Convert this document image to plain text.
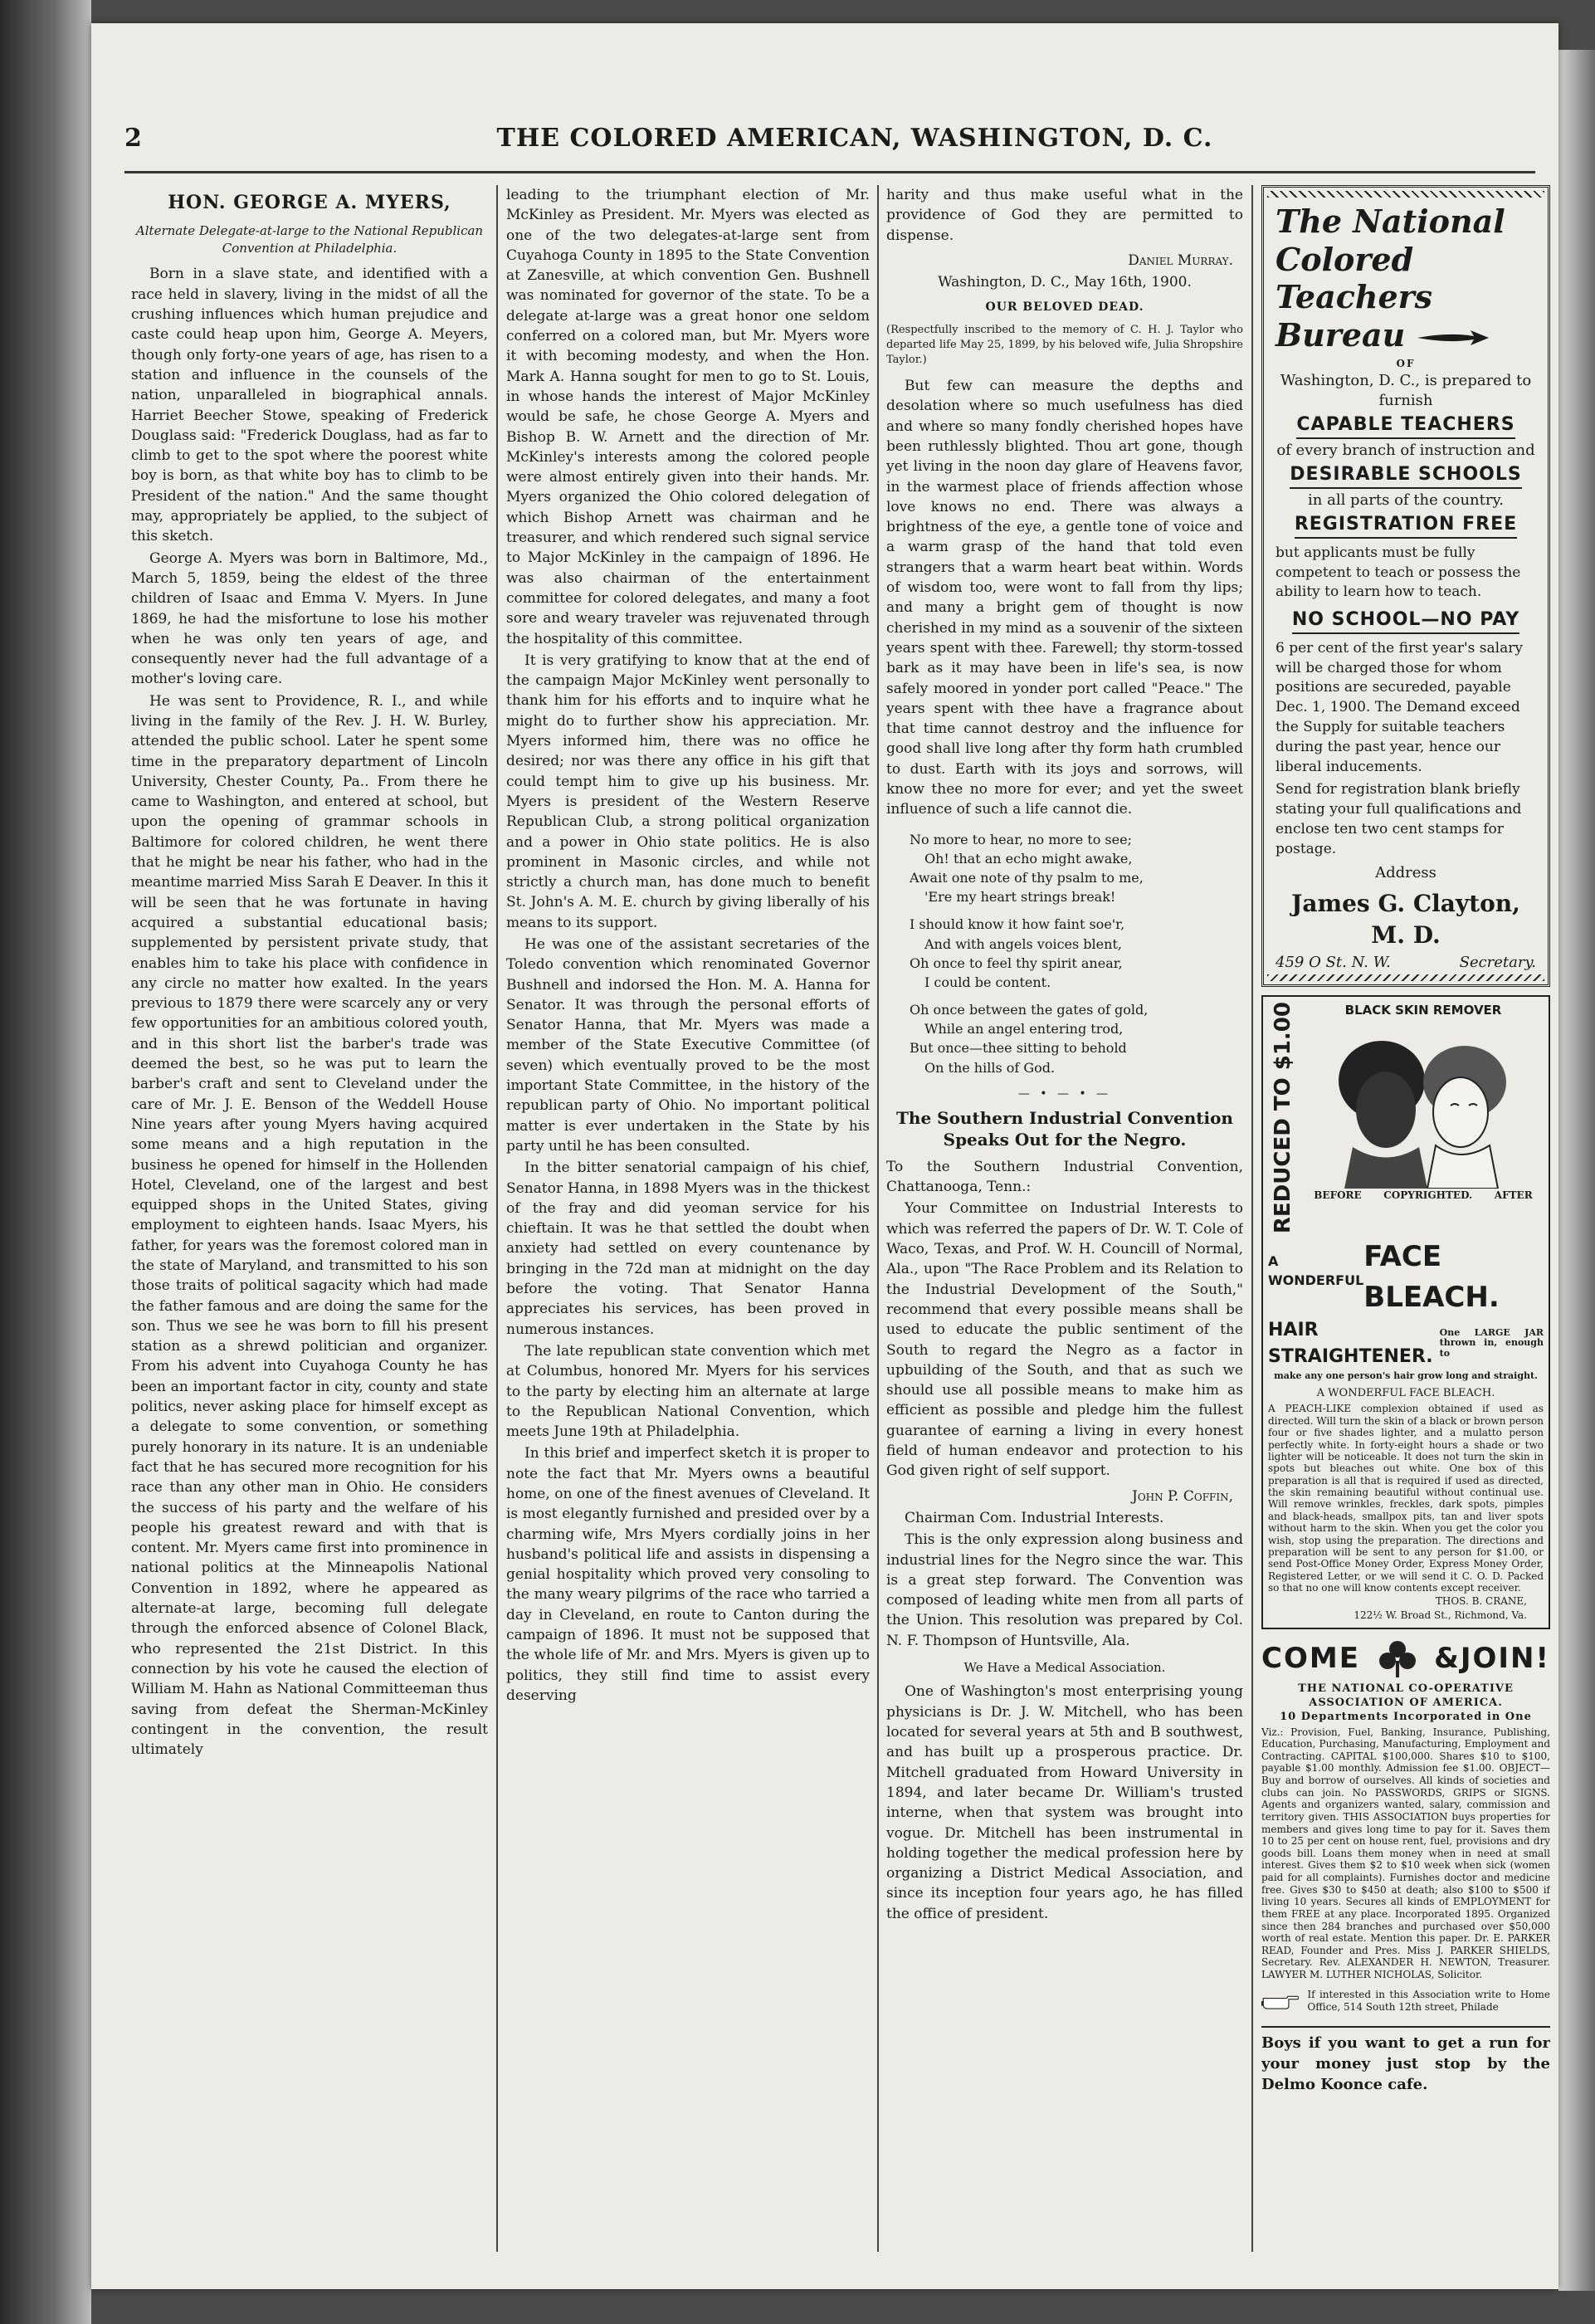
2	THE COLORED AMERICAN, WASHINGTON, D. C.
HON. GEORGE A. MYERS,
Alternate Delegate-at-large to the National Republican Convention at Philadelphia.

Born in a slave state, and identified with a race held in slavery, living in the midst of all the crushing influences which human prejudice and caste could heap upon him, George A. Meyers, though only forty-one years of age, has risen to a station and influence in the counsels of the nation, unparalleled in biographical annals. Harriet Beecher Stowe, speaking of Frederick Douglass said: "Frederick Douglass, had as far to climb to get to the spot where the poorest white boy is born, as that white boy has to climb to be President of the nation." And the same thought may, appropriately be applied, to the subject of this sketch.

George A. Myers was born in Baltimore, Md., March 5, 1859, being the eldest of the three children of Isaac and Emma V. Myers. In June 1869, he had the misfortune to lose his mother when he was only ten years of age, and consequently never had the full advantage of a mother's loving care.

He was sent to Providence, R. I., and while living in the family of the Rev. J. H. W. Burley, attended the public school. Later he spent some time in the preparatory department of Lincoln University, Chester County, Pa.. From there he came to Washington, and entered at school, but upon the opening of grammar schools in Baltimore for colored children, he went there that he might be near his father, who had in the meantime married Miss Sarah E Deaver. In this it will be seen that he was fortunate in having acquired a substantial educational basis; supplemented by persistent private study, that enables him to take his place with confidence in any circle no matter how exalted. In the years previous to 1879 there were scarcely any or very few opportunities for an ambitious colored youth, and in this short list the barber's trade was deemed the best, so he was put to learn the barber's craft and sent to Cleveland under the care of Mr. J. E. Benson of the Weddell House Nine years after young Myers having acquired some means and a high reputation in the business he opened for himself in the Hollenden Hotel, Cleveland, one of the largest and best equipped shops in the United States, giving employment to eighteen hands. Isaac Myers, his father, for years was the foremost colored man in the state of Maryland, and transmitted to his son those traits of political sagacity which had made the father famous and are doing the same for the son. Thus we see he was born to fill his present station as a shrewd politician and organizer. From his advent into Cuyahoga County he has been an important factor in city, county and state politics, never asking place for himself except as a delegate to some convention, or something purely honorary in its nature. It is an undeniable fact that he has secured more recognition for his race than any other man in Ohio. He considers the success of his party and the welfare of his people his greatest reward and with that is content. Mr. Myers came first into prominence in national politics at the Minneapolis National Convention in 1892, where he appeared as alternate-at large, becoming full delegate through the enforced absence of Colonel Black, who represented the 21st District. In this connection by his vote he caused the election of William M. Hahn as National Committeeman thus saving from defeat the Sherman-McKinley contingent in the convention, the result ultimately

leading to the triumphant election of Mr. McKinley as President. Mr. Myers was elected as one of the two delegates-at-large sent from Cuyahoga County in 1895 to the State Convention at Zanesville, at which convention Gen. Bushnell was nominated for governor of the state. To be a delegate at-large was a great honor one seldom conferred on a colored man, but Mr. Myers wore it with becoming modesty, and when the Hon. Mark A. Hanna sought for men to go to St. Louis, in whose hands the interest of Major McKinley would be safe, he chose George A. Myers and Bishop B. W. Arnett and the direction of Mr. McKinley's interests among the colored people were almost entirely given into their hands. Mr. Myers organized the Ohio colored delegation of which Bishop Arnett was chairman and he treasurer, and which rendered such signal service to Major McKinley in the campaign of 1896. He was also chairman of the entertainment committee for colored delegates, and many a foot sore and weary traveler was rejuvenated through the hospitality of this committee.

It is very gratifying to know that at the end of the campaign Major McKinley went personally to thank him for his efforts and to inquire what he might do to further show his appreciation. Mr. Myers informed him, there was no office he desired; nor was there any office in his gift that could tempt him to give up his business. Mr. Myers is president of the Western Reserve Republican Club, a strong political organization and a power in Ohio state politics. He is also prominent in Masonic circles, and while not strictly a church man, has done much to benefit St. John's A. M. E. church by giving liberally of his means to its support.

He was one of the assistant secretaries of the Toledo convention which renominated Governor Bushnell and indorsed the Hon. M. A. Hanna for Senator. It was through the personal efforts of Senator Hanna, that Mr. Myers was made a member of the State Executive Committee (of seven) which eventually proved to be the most important State Committee, in the history of the republican party of Ohio. No important political matter is ever undertaken in the State by his party until he has been consulted.

In the bitter senatorial campaign of his chief, Senator Hanna, in 1898 Myers was in the thickest of the fray and did yeoman service for his chieftain. It was he that settled the doubt when anxiety had settled on every countenance by bringing in the 72d man at midnight on the day before the voting. That Senator Hanna appreciates his services, has been proved in numerous instances.

The late republican state convention which met at Columbus, honored Mr. Myers for his services to the party by electing him an alternate at large to the Republican National Convention, which meets June 19th at Philadelphia.

In this brief and imperfect sketch it is proper to note the fact that Mr. Myers owns a beautiful home, on one of the finest avenues of Cleveland. It is most elegantly furnished and presided over by a charming wife, Mrs Myers cordially joins in her husband's political life and assists in dispensing a genial hospitality which proved very consoling to the many weary pilgrims of the race who tarried a day in Cleveland, en route to Canton during the campaign of 1896. It must not be supposed that the whole life of Mr. and Mrs. Myers is given up to politics, they still find time to assist every deserving

harity and thus make useful what in the providence of God they are permitted to dispense.

Daniel Murray.
Washington, D. C., May 16th, 1900.
OUR BELOVED DEAD.
(Respectfully inscribed to the memory of C. H. J. Taylor who departed life May 25, 1899, by his beloved wife, Julia Shropshire Taylor.)

But few can measure the depths and desolation where so much usefulness has died and where so many fondly cherished hopes have been ruthlessly blighted. Thou art gone, though yet living in the noon day glare of Heavens favor, in the warmest place of friends affection whose love knows no end. There was always a brightness of the eye, a gentle tone of voice and a warm grasp of the hand that told even strangers that a warm heart beat within. Words of wisdom too, were wont to fall from thy lips; and many a bright gem of thought is now cherished in my mind as a souvenir of the sixteen years spent with thee. Farewell; thy storm-tossed bark as it may have been in life's sea, is now safely moored in yonder port called "Peace." The years spent with thee have a fragrance about that time cannot destroy and the influence for good shall live long after thy form hath crumbled to dust. Earth with its joys and sorrows, will know thee no more for ever; and yet the sweet influence of such a life cannot die.

No more to hear, no more to see;
Oh! that an echo might awake,
Await one note of thy psalm to me,
'Ere my heart strings break!
I should know it how faint soe'r,
And with angels voices blent,
Oh once to feel thy spirit anear,
I could be content.
Oh once between the gates of gold,
While an angel entering trod,
But once—thee sitting to behold
On the hills of God.
— • — • —
The Southern Industrial Convention Speaks Out for the Negro.

To the Southern Industrial Convention, Chattanooga, Tenn.:

Your Committee on Industrial Interests to which was referred the papers of Dr. W. T. Cole of Waco, Texas, and Prof. W. H. Councill of Normal, Ala., upon "The Race Problem and its Relation to the Industrial Development of the South," recommend that every possible means shall be used to educate the public sentiment of the South to regard the Negro as a factor in upbuilding of the South, and that as such we should use all possible means to make him as efficient as possible and pledge him the fullest guarantee of earning a living in every honest field of human endeavor and protection to his God given right of self support.

John P. Coffin,

Chairman Com. Industrial Interests.

This is the only expression along business and industrial lines for the Negro since the war. This is a great step forward. The Convention was composed of leading white men from all parts of the Union. This resolution was prepared by Col. N. F. Thompson of Huntsville, Ala.

We Have a Medical Association.

One of Washington's most enterprising young physicians is Dr. J. W. Mitchell, who has been located for several years at 5th and B southwest, and has built up a prosperous practice. Dr. Mitchell graduated from Howard University in 1894, and later became Dr. William's trusted interne, when that system was brought into vogue. Dr. Mitchell has been instrumental in holding together the medical profession here by organizing a District Medical Association, and since its inception four years ago, he has filled the office of president.

The National Colored Teachers Bureau
OF
Washington, D. C., is prepared to furnish
CAPABLE TEACHERS
of every branch of instruction and
DESIRABLE SCHOOLS
in all parts of the country.
REGISTRATION FREE
but applicants must be fully competent to teach or possess the ability to learn how to teach.
NO SCHOOL—NO PAY
6 per cent of the first year's salary will be charged those for whom positions are secureded, payable Dec. 1, 1900. The Demand exceed the Supply for suitable teachers during the past year, hence our liberal inducements.
Send for registration blank briefly stating your full qualifications and enclose ten two cent stamps for postage.
Address
James G. Clayton, M. D.
459 O St. N. W.	Secretary.
REDUCED TO $1.00	BLACK SKIN REMOVER
BEFORE COPYRIGHTED. AFTER
A WONDERFUL
FACE BLEACH.
HAIR STRAIGHTENER.
One LARGE JAR thrown in, enough to
make any one person's hair grow long and straight.
A WONDERFUL FACE BLEACH.
A PEACH-LIKE complexion obtained if used as directed. Will turn the skin of a black or brown person four or five shades lighter, and a mulatto person perfectly white. In forty-eight hours a shade or two lighter will be noticeable. It does not turn the skin in spots but bleaches out white. One box of this preparation is all that is required if used as directed, the skin remaining beautiful without continual use. Will remove wrinkles, freckles, dark spots, pimples and black-heads, smallpox pits, tan and liver spots without harm to the skin. When you get the color you wish, stop using the preparation. The directions and preparation will be sent to any person for $1.00, or send Post-Office Money Order, Express Money Order, Registered Letter, or we will send it C. O. D. Packed so that no one will know contents except receiver.
THOS. B. CRANE,
122½ W. Broad St., Richmond, Va.
COME	&JOIN!
THE NATIONAL CO-OPERATIVE
ASSOCIATION OF AMERICA.
10 Departments Incorporated in One
Viz.: Provision, Fuel, Banking, Insurance, Publishing, Education, Purchasing, Manufacturing, Employment and Contracting. CAPITAL $100,000. Shares $10 to $100, payable $1.00 monthly. Admission fee $1.00. OBJECT—Buy and borrow of ourselves. All kinds of societies and clubs can join. No PASSWORDS, GRIPS or SIGNS. Agents and organizers wanted, salary, commission and territory given. THIS ASSOCIATION buys properties for members and gives long time to pay for it. Saves them 10 to 25 per cent on house rent, fuel, provisions and dry goods bill. Loans them money when in need at small interest. Gives them $2 to $10 week when sick (women paid for all complaints). Furnishes doctor and medicine free. Gives $30 to $450 at death; also $100 to $500 if living 10 years. Secures all kinds of EMPLOYMENT for them FREE at any place. Incorporated 1895. Organized since then 284 branches and purchased over $50,000 worth of real estate. Mention this paper. Dr. E. PARKER READ, Founder and Pres. Miss J. PARKER SHIELDS, Secretary. Rev. ALEXANDER H. NEWTON, Treasurer. LAWYER M. LUTHER NICHOLAS, Solicitor.
If interested in this Association write to Home Office, 514 South 12th street, Philade
Boys if you want to get a run for your money just stop by the Delmo Koonce cafe.
